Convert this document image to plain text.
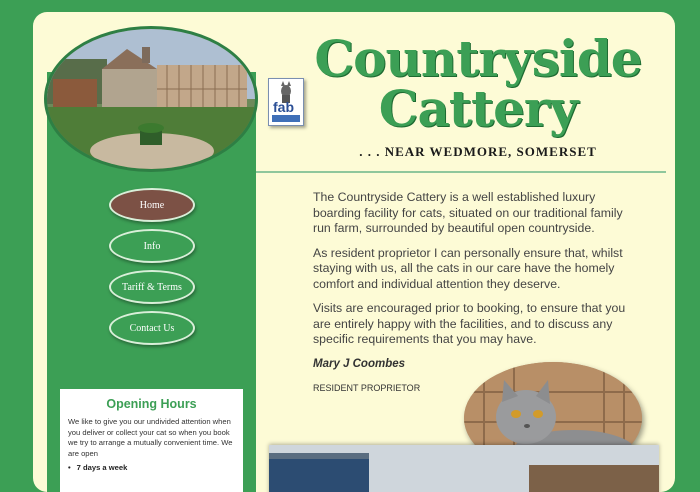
fab
Countryside
Cattery
. . . NEAR WEDMORE, SOMERSET
Home
Info
Tariff & Terms
Contact Us

The Countryside Cattery is a well established luxury boarding facility for cats, situated on our traditional family run farm, surrounded by beautiful open countryside.

As resident proprietor I can personally ensure that, whilst staying with us, all the cats in our care have the homely comfort and individual attention they deserve.

Visits are encouraged prior to booking, to ensure that you are entirely happy with the facilities, and to discuss any specific requirements that you may have.

Mary J Coombes

RESIDENT PROPRIETOR

Opening Hours

We like to give you our undivided attention when you deliver or collect your cat so when you book we try to arrange a mutually convenient time. We are open

• 7 days a week
